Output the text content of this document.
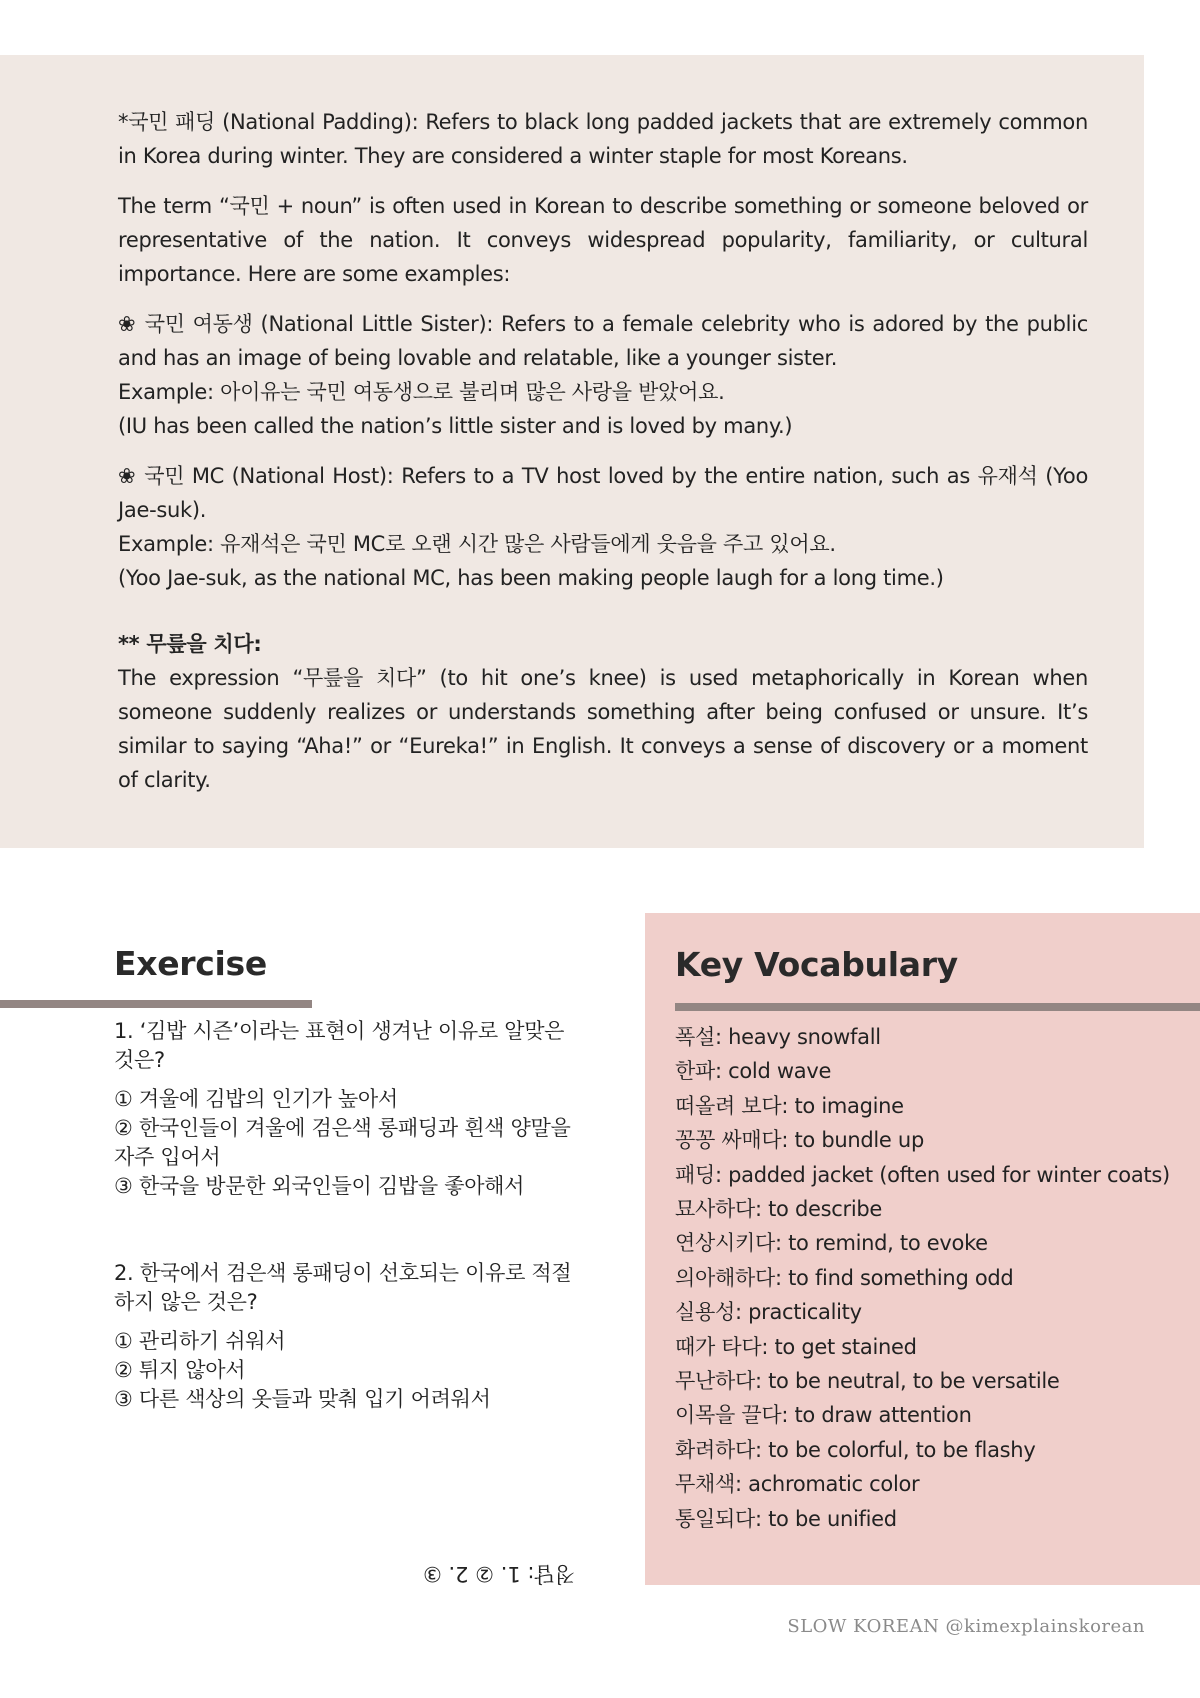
*국민 패딩 (National Padding): Refers to black long padded jackets that are extremely common in Korea during winter. They are considered a winter staple for most Koreans.

The term “국민 + noun” is often used in Korean to describe something or someone beloved or representative of the nation. It conveys widespread popularity, familiarity, or cultural importance. Here are some examples:

❀ 국민 여동생 (National Little Sister): Refers to a female celebrity who is adored by the public and has an image of being lovable and relatable, like a younger sister.
Example: 아이유는 국민 여동생으로 불리며 많은 사랑을 받았어요.
(IU has been called the nation’s little sister and is loved by many.)

❀ 국민 MC (National Host): Refers to a TV host loved by the entire nation, such as 유재석 (Yoo Jae-suk).
Example: 유재석은 국민 MC로 오랜 시간 많은 사람들에게 웃음을 주고 있어요.
(Yoo Jae-suk, as the national MC, has been making people laugh for a long time.)

** 무릎을 치다:
The expression “무릎을 치다” (to hit one’s knee) is used metaphorically in Korean when someone suddenly realizes or understands something after being confused or unsure. It’s similar to saying “Aha!” or “Eureka!” in English. It conveys a sense of discovery or a moment of clarity.

Exercise

1. ‘김밥 시즌’이라는 표현이 생겨난 이유로 알맞은 것은?

① 겨울에 김밥의 인기가 높아서

② 한국인들이 겨울에 검은색 롱패딩과 흰색 양말을 자주 입어서

③ 한국을 방문한 외국인들이 김밥을 좋아해서

2. 한국에서 검은색 롱패딩이 선호되는 이유로 적절하지 않은 것은?

① 관리하기 쉬워서

② 튀지 않아서

③ 다른 색상의 옷들과 맞춰 입기 어려워서

정답: 1. ② 2. ③
Key Vocabulary

폭설: heavy snowfall

한파: cold wave

떠올려 보다: to imagine

꽁꽁 싸매다: to bundle up

패딩: padded jacket (often used for winter coats)

묘사하다: to describe

연상시키다: to remind, to evoke

의아해하다: to find something odd

실용성: practicality

때가 타다: to get stained

무난하다: to be neutral, to be versatile

이목을 끌다: to draw attention

화려하다: to be colorful, to be flashy

무채색: achromatic color

통일되다: to be unified

SLOW KOREAN @kimexplainskorean
